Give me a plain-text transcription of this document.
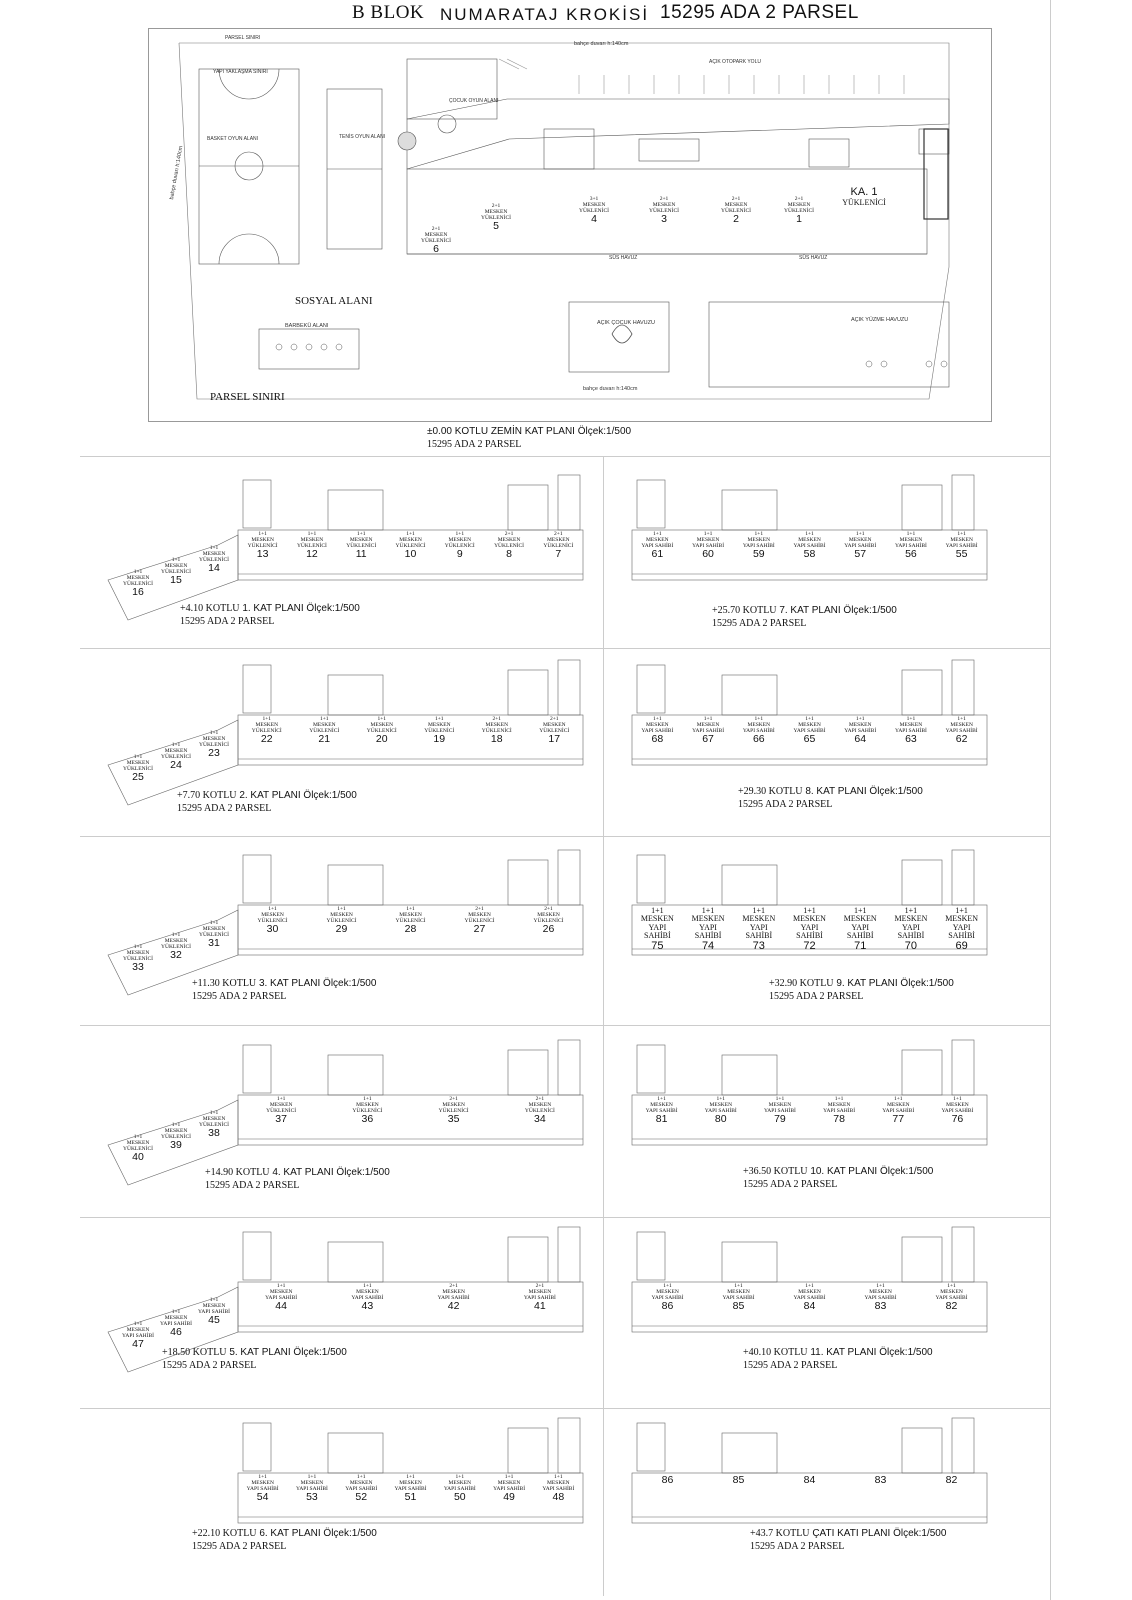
B BLOK NUMARATAJ KROKİSİ 15295 ADA 2 PARSEL
PARSEL SINIRI
YAPI YAKLAŞMA SINIRI
BASKET OYUN ALANI	TENİS OYUN ALANI
ÇOCUK OYUN ALANI
bahçe duvarı h:140cm
bahçe duvarı h:140cm
AÇIK OTOPARK YOLU
SÜS HAVUZ	SÜS HAVUZ
SOSYAL ALANI
BARBEKÜ ALANI	AÇIK ÇOCUK HAVUZU	AÇIK YÜZME HAVUZU
PARSEL SINIRI
bahçe duvarı h:140cm
KA. 1
YÜKLENİCİ
2+1
MESKEN
YÜKLENİCİ
6
2+1
MESKEN
YÜKLENİCİ
5
3+1
MESKEN
YÜKLENİCİ
4
2+1
MESKEN
YÜKLENİCİ
3
2+1
MESKEN
YÜKLENİCİ
2
2+1
MESKEN
YÜKLENİCİ
1
±0.00 KOTLU ZEMİN KAT PLANI Ölçek:1/500
15295 ADA 2 PARSEL
1+1
MESKEN
YÜKLENİCİ
16
1+1
MESKEN
YÜKLENİCİ
15
1+1
MESKEN
YÜKLENİCİ
14
1+1
MESKEN
YÜKLENİCİ
13
1+1
MESKEN
YÜKLENİCİ
12
1+1
MESKEN
YÜKLENİCİ
11
1+1
MESKEN
YÜKLENİCİ
10
1+1
MESKEN
YÜKLENİCİ
9
2+1
MESKEN
YÜKLENİCİ
8
2+1
MESKEN
YÜKLENİCİ
7
+4.10 KOTLU 1. KAT PLANI Ölçek:1/500
15295 ADA 2 PARSEL
1+1
MESKEN
YÜKLENİCİ
25
1+1
MESKEN
YÜKLENİCİ
24
1+1
MESKEN
YÜKLENİCİ
23
1+1
MESKEN
YÜKLENİCİ
22
1+1
MESKEN
YÜKLENİCİ
21
1+1
MESKEN
YÜKLENİCİ
20
1+1
MESKEN
YÜKLENİCİ
19
2+1
MESKEN
YÜKLENİCİ
18
2+1
MESKEN
YÜKLENİCİ
17
+7.70 KOTLU 2. KAT PLANI Ölçek:1/500
15295 ADA 2 PARSEL
1+1
MESKEN
YÜKLENİCİ
33
1+1
MESKEN
YÜKLENİCİ
32
1+1
MESKEN
YÜKLENİCİ
31
1+1
MESKEN
YÜKLENİCİ
30
1+1
MESKEN
YÜKLENİCİ
29
1+1
MESKEN
YÜKLENİCİ
28
2+1
MESKEN
YÜKLENİCİ
27
2+1
MESKEN
YÜKLENİCİ
26
+11.30 KOTLU 3. KAT PLANI Ölçek:1/500
15295 ADA 2 PARSEL
1+1
MESKEN
YÜKLENİCİ
40
1+1
MESKEN
YÜKLENİCİ
39
1+1
MESKEN
YÜKLENİCİ
38
1+1
MESKEN
YÜKLENİCİ
37
1+1
MESKEN
YÜKLENİCİ
36
2+1
MESKEN
YÜKLENİCİ
35
2+1
MESKEN
YÜKLENİCİ
34
+14.90 KOTLU 4. KAT PLANI Ölçek:1/500
15295 ADA 2 PARSEL
1+1
MESKEN
YAPI SAHİBİ
47
1+1
MESKEN
YAPI SAHİBİ
46
1+1
MESKEN
YAPI SAHİBİ
45
1+1
MESKEN
YAPI SAHİBİ
44
1+1
MESKEN
YAPI SAHİBİ
43
2+1
MESKEN
YAPI SAHİBİ
42
2+1
MESKEN
YAPI SAHİBİ
41
+18.50 KOTLU 5. KAT PLANI Ölçek:1/500
15295 ADA 2 PARSEL
1+1
MESKEN
YAPI SAHİBİ
54
1+1
MESKEN
YAPI SAHİBİ
53
1+1
MESKEN
YAPI SAHİBİ
52
1+1
MESKEN
YAPI SAHİBİ
51
1+1
MESKEN
YAPI SAHİBİ
50
1+1
MESKEN
YAPI SAHİBİ
49
1+1
MESKEN
YAPI SAHİBİ
48
+22.10 KOTLU 6. KAT PLANI Ölçek:1/500
15295 ADA 2 PARSEL
1+1
MESKEN
YAPI SAHİBİ
61
1+1
MESKEN
YAPI SAHİBİ
60
1+1
MESKEN
YAPI SAHİBİ
59
1+1
MESKEN
YAPI SAHİBİ
58
1+1
MESKEN
YAPI SAHİBİ
57
1+1
MESKEN
YAPI SAHİBİ
56
1+1
MESKEN
YAPI SAHİBİ
55
+25.70 KOTLU 7. KAT PLANI Ölçek:1/500
15295 ADA 2 PARSEL
1+1
MESKEN
YAPI SAHİBİ
68
1+1
MESKEN
YAPI SAHİBİ
67
1+1
MESKEN
YAPI SAHİBİ
66
1+1
MESKEN
YAPI SAHİBİ
65
1+1
MESKEN
YAPI SAHİBİ
64
1+1
MESKEN
YAPI SAHİBİ
63
1+1
MESKEN
YAPI SAHİBİ
62
+29.30 KOTLU 8. KAT PLANI Ölçek:1/500
15295 ADA 2 PARSEL
1+1
MESKEN
YAPI SAHİBİ
75
1+1
MESKEN
YAPI SAHİBİ
74
1+1
MESKEN
YAPI SAHİBİ
73
1+1
MESKEN
YAPI SAHİBİ
72
1+1
MESKEN
YAPI SAHİBİ
71
1+1
MESKEN
YAPI SAHİBİ
70
1+1
MESKEN
YAPI SAHİBİ
69
+32.90 KOTLU 9. KAT PLANI Ölçek:1/500
15295 ADA 2 PARSEL
1+1
MESKEN
YAPI SAHİBİ
81
1+1
MESKEN
YAPI SAHİBİ
80
1+1
MESKEN
YAPI SAHİBİ
79
1+1
MESKEN
YAPI SAHİBİ
78
1+1
MESKEN
YAPI SAHİBİ
77
1+1
MESKEN
YAPI SAHİBİ
76
+36.50 KOTLU 10. KAT PLANI Ölçek:1/500
15295 ADA 2 PARSEL
1+1
MESKEN
YAPI SAHİBİ
86
1+1
MESKEN
YAPI SAHİBİ
85
1+1
MESKEN
YAPI SAHİBİ
84
1+1
MESKEN
YAPI SAHİBİ
83
1+1
MESKEN
YAPI SAHİBİ
82
+40.10 KOTLU 11. KAT PLANI Ölçek:1/500
15295 ADA 2 PARSEL
86	85	84	83	82
+43.7 KOTLU ÇATI KATI PLANI Ölçek:1/500
15295 ADA 2 PARSEL
